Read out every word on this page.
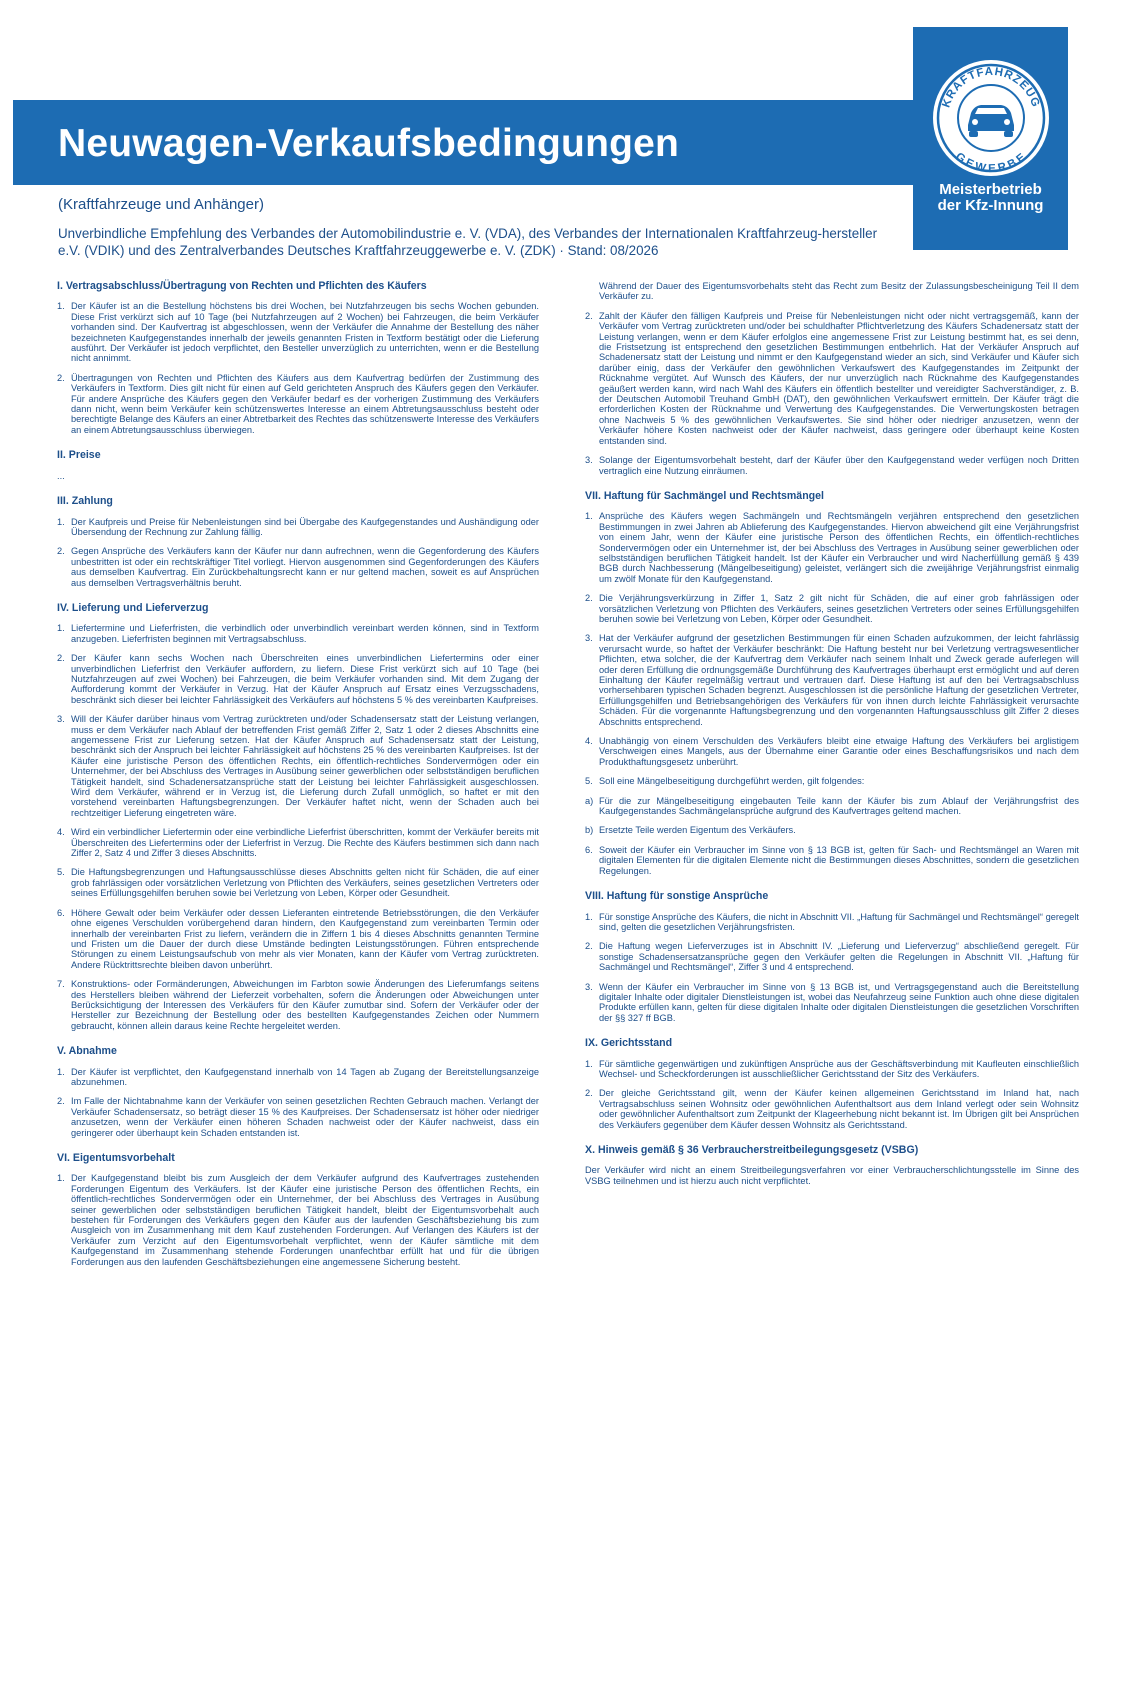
Neuwagen-Verkaufsbedingungen
KRAFTFAHRZEUG
GEWERBE
Meisterbetrieb
der Kfz-Innung
(Kraftfahrzeuge und Anhänger)
Unverbindliche Empfehlung des Verbandes der Automobilindustrie e. V. (VDA), des Verbandes der Internationalen Kraftfahrzeug-hersteller e.V. (VDIK) und des Zentralverbandes Deutsches Kraftfahrzeuggewerbe e. V. (ZDK) · Stand: 08/2026
I. Vertragsabschluss/Übertragung von Rechten und Pflichten des Käufers
1. Der Käufer ist an die Bestellung höchstens bis drei Wochen, bei Nutzfahrzeugen bis sechs Wochen gebunden. Diese Frist verkürzt sich auf 10 Tage (bei Nutzfahrzeugen auf 2 Wochen) bei Fahrzeugen, die beim Verkäufer vorhanden sind. Der Kaufvertrag ist abgeschlossen, wenn der Verkäufer die Annahme der Bestellung des näher bezeichneten Kaufgegenstandes innerhalb der jeweils genannten Fristen in Textform bestätigt oder die Lieferung ausführt. Der Verkäufer ist jedoch verpflichtet, den Besteller unverzüglich zu unterrichten, wenn er die Bestellung nicht annimmt.
2. Übertragungen von Rechten und Pflichten des Käufers aus dem Kaufvertrag bedürfen der Zustimmung des Verkäufers in Textform. Dies gilt nicht für einen auf Geld gerichteten Anspruch des Käufers gegen den Verkäufer. Für andere Ansprüche des Käufers gegen den Verkäufer bedarf es der vorherigen Zustimmung des Verkäufers dann nicht, wenn beim Verkäufer kein schützenswertes Interesse an einem Abtretungsausschluss besteht oder berechtigte Belange des Käufers an einer Abtretbarkeit des Rechtes das schützenswerte Interesse des Verkäufers an einem Abtretungsausschluss überwiegen.
II. Preise

...

III. Zahlung
1. Der Kaufpreis und Preise für Nebenleistungen sind bei Übergabe des Kaufgegenstandes und Aushändigung oder Übersendung der Rechnung zur Zahlung fällig.
2. Gegen Ansprüche des Verkäufers kann der Käufer nur dann aufrechnen, wenn die Gegenforderung des Käufers unbestritten ist oder ein rechtskräftiger Titel vorliegt. Hiervon ausgenommen sind Gegenforderungen des Käufers aus demselben Kaufvertrag. Ein Zurückbehaltungsrecht kann er nur geltend machen, soweit es auf Ansprüchen aus demselben Vertragsverhältnis beruht.
IV. Lieferung und Lieferverzug
1. Liefertermine und Lieferfristen, die verbindlich oder unverbindlich vereinbart werden können, sind in Textform anzugeben. Lieferfristen beginnen mit Vertragsabschluss.
2. Der Käufer kann sechs Wochen nach Überschreiten eines unverbindlichen Liefertermins oder einer unverbindlichen Lieferfrist den Verkäufer auffordern, zu liefern. Diese Frist verkürzt sich auf 10 Tage (bei Nutzfahrzeugen auf zwei Wochen) bei Fahrzeugen, die beim Verkäufer vorhanden sind. Mit dem Zugang der Aufforderung kommt der Verkäufer in Verzug. Hat der Käufer Anspruch auf Ersatz eines Verzugsschadens, beschränkt sich dieser bei leichter Fahrlässigkeit des Verkäufers auf höchstens 5 % des vereinbarten Kaufpreises.
3. Will der Käufer darüber hinaus vom Vertrag zurücktreten und/oder Schadensersatz statt der Leistung verlangen, muss er dem Verkäufer nach Ablauf der betreffenden Frist gemäß Ziffer 2, Satz 1 oder 2 dieses Abschnitts eine angemessene Frist zur Lieferung setzen. Hat der Käufer Anspruch auf Schadensersatz statt der Leistung, beschränkt sich der Anspruch bei leichter Fahrlässigkeit auf höchstens 25 % des vereinbarten Kaufpreises. Ist der Käufer eine juristische Person des öffentlichen Rechts, ein öffentlich-rechtliches Sondervermögen oder ein Unternehmer, der bei Abschluss des Vertrages in Ausübung seiner gewerblichen oder selbstständigen beruflichen Tätigkeit handelt, sind Schadenersatzansprüche statt der Leistung bei leichter Fahrlässigkeit ausgeschlossen. Wird dem Verkäufer, während er in Verzug ist, die Lieferung durch Zufall unmöglich, so haftet er mit den vorstehend vereinbarten Haftungsbegrenzungen. Der Verkäufer haftet nicht, wenn der Schaden auch bei rechtzeitiger Lieferung eingetreten wäre.
4. Wird ein verbindlicher Liefertermin oder eine verbindliche Lieferfrist überschritten, kommt der Verkäufer bereits mit Überschreiten des Liefertermins oder der Lieferfrist in Verzug. Die Rechte des Käufers bestimmen sich dann nach Ziffer 2, Satz 4 und Ziffer 3 dieses Abschnitts.
5. Die Haftungsbegrenzungen und Haftungsausschlüsse dieses Abschnitts gelten nicht für Schäden, die auf einer grob fahrlässigen oder vorsätzlichen Verletzung von Pflichten des Verkäufers, seines gesetzlichen Vertreters oder seines Erfüllungsgehilfen beruhen sowie bei Verletzung von Leben, Körper oder Gesundheit.
6. Höhere Gewalt oder beim Verkäufer oder dessen Lieferanten eintretende Betriebsstörungen, die den Verkäufer ohne eigenes Verschulden vorübergehend daran hindern, den Kaufgegenstand zum vereinbarten Termin oder innerhalb der vereinbarten Frist zu liefern, verändern die in Ziffern 1 bis 4 dieses Abschnitts genannten Termine und Fristen um die Dauer der durch diese Umstände bedingten Leistungsstörungen. Führen entsprechende Störungen zu einem Leistungsaufschub von mehr als vier Monaten, kann der Käufer vom Vertrag zurücktreten. Andere Rücktrittsrechte bleiben davon unberührt.
7. Konstruktions- oder Formänderungen, Abweichungen im Farbton sowie Änderungen des Lieferumfangs seitens des Herstellers bleiben während der Lieferzeit vorbehalten, sofern die Änderungen oder Abweichungen unter Berücksichtigung der Interessen des Verkäufers für den Käufer zumutbar sind. Sofern der Verkäufer oder der Hersteller zur Bezeichnung der Bestellung oder des bestellten Kaufgegenstandes Zeichen oder Nummern gebraucht, können allein daraus keine Rechte hergeleitet werden.
V. Abnahme
1. Der Käufer ist verpflichtet, den Kaufgegenstand innerhalb von 14 Tagen ab Zugang der Bereitstellungsanzeige abzunehmen.
2. Im Falle der Nichtabnahme kann der Verkäufer von seinen gesetzlichen Rechten Gebrauch machen. Verlangt der Verkäufer Schadensersatz, so beträgt dieser 15 % des Kaufpreises. Der Schadensersatz ist höher oder niedriger anzusetzen, wenn der Verkäufer einen höheren Schaden nachweist oder der Käufer nachweist, dass ein geringerer oder überhaupt kein Schaden entstanden ist.
VI. Eigentumsvorbehalt
1. Der Kaufgegenstand bleibt bis zum Ausgleich der dem Verkäufer aufgrund des Kaufvertrages zustehenden Forderungen Eigentum des Verkäufers. Ist der Käufer eine juristische Person des öffentlichen Rechts, ein öffentlich-rechtliches Sondervermögen oder ein Unternehmer, der bei Abschluss des Vertrages in Ausübung seiner gewerblichen oder selbstständigen beruflichen Tätigkeit handelt, bleibt der Eigentumsvorbehalt auch bestehen für Forderungen des Verkäufers gegen den Käufer aus der laufenden Geschäftsbeziehung bis zum Ausgleich von im Zusammenhang mit dem Kauf zustehenden Forderungen. Auf Verlangen des Käufers ist der Verkäufer zum Verzicht auf den Eigentumsvorbehalt verpflichtet, wenn der Käufer sämtliche mit dem Kaufgegenstand im Zusammenhang stehende Forderungen unanfechtbar erfüllt hat und für die übrigen Forderungen aus den laufenden Geschäftsbeziehungen eine angemessene Sicherung besteht.
Während der Dauer des Eigentumsvorbehalts steht das Recht zum Besitz der Zulassungsbescheinigung Teil II dem Verkäufer zu.
2. Zahlt der Käufer den fälligen Kaufpreis und Preise für Nebenleistungen nicht oder nicht vertragsgemäß, kann der Verkäufer vom Vertrag zurücktreten und/oder bei schuldhafter Pflichtverletzung des Käufers Schadenersatz statt der Leistung verlangen, wenn er dem Käufer erfolglos eine angemessene Frist zur Leistung bestimmt hat, es sei denn, die Fristsetzung ist entsprechend den gesetzlichen Bestimmungen entbehrlich. Hat der Verkäufer Anspruch auf Schadenersatz statt der Leistung und nimmt er den Kaufgegenstand wieder an sich, sind Verkäufer und Käufer sich darüber einig, dass der Verkäufer den gewöhnlichen Verkaufswert des Kaufgegenstandes im Zeitpunkt der Rücknahme vergütet. Auf Wunsch des Käufers, der nur unverzüglich nach Rücknahme des Kaufgegenstandes geäußert werden kann, wird nach Wahl des Käufers ein öffentlich bestellter und vereidigter Sachverständiger, z. B. der Deutschen Automobil Treuhand GmbH (DAT), den gewöhnlichen Verkaufswert ermitteln. Der Käufer trägt die erforderlichen Kosten der Rücknahme und Verwertung des Kaufgegenstandes. Die Verwertungskosten betragen ohne Nachweis 5 % des gewöhnlichen Verkaufswertes. Sie sind höher oder niedriger anzusetzen, wenn der Verkäufer höhere Kosten nachweist oder der Käufer nachweist, dass geringere oder überhaupt keine Kosten entstanden sind.
3. Solange der Eigentumsvorbehalt besteht, darf der Käufer über den Kaufgegenstand weder verfügen noch Dritten vertraglich eine Nutzung einräumen.
VII. Haftung für Sachmängel und Rechtsmängel
1. Ansprüche des Käufers wegen Sachmängeln und Rechtsmängeln verjähren entsprechend den gesetzlichen Bestimmungen in zwei Jahren ab Ablieferung des Kaufgegenstandes. Hiervon abweichend gilt eine Verjährungsfrist von einem Jahr, wenn der Käufer eine juristische Person des öffentlichen Rechts, ein öffentlich-rechtliches Sondervermögen oder ein Unternehmer ist, der bei Abschluss des Vertrages in Ausübung seiner gewerblichen oder selbstständigen beruflichen Tätigkeit handelt. Ist der Käufer ein Verbraucher und wird Nacherfüllung gemäß § 439 BGB durch Nachbesserung (Mängelbeseitigung) geleistet, verlängert sich die zweijährige Verjährungsfrist einmalig um zwölf Monate für den Kaufgegenstand.
2. Die Verjährungsverkürzung in Ziffer 1, Satz 2 gilt nicht für Schäden, die auf einer grob fahrlässigen oder vorsätzlichen Verletzung von Pflichten des Verkäufers, seines gesetzlichen Vertreters oder seines Erfüllungsgehilfen beruhen sowie bei Verletzung von Leben, Körper oder Gesundheit.
3. Hat der Verkäufer aufgrund der gesetzlichen Bestimmungen für einen Schaden aufzukommen, der leicht fahrlässig verursacht wurde, so haftet der Verkäufer beschränkt: Die Haftung besteht nur bei Verletzung vertragswesentlicher Pflichten, etwa solcher, die der Kaufvertrag dem Verkäufer nach seinem Inhalt und Zweck gerade auferlegen will oder deren Erfüllung die ordnungsgemäße Durchführung des Kaufvertrages überhaupt erst ermöglicht und auf deren Einhaltung der Käufer regelmäßig vertraut und vertrauen darf. Diese Haftung ist auf den bei Vertragsabschluss vorhersehbaren typischen Schaden begrenzt. Ausgeschlossen ist die persönliche Haftung der gesetzlichen Vertreter, Erfüllungsgehilfen und Betriebsangehörigen des Verkäufers für von ihnen durch leichte Fahrlässigkeit verursachte Schäden. Für die vorgenannte Haftungsbegrenzung und den vorgenannten Haftungsausschluss gilt Ziffer 2 dieses Abschnitts entsprechend.
4. Unabhängig von einem Verschulden des Verkäufers bleibt eine etwaige Haftung des Verkäufers bei arglistigem Verschweigen eines Mangels, aus der Übernahme einer Garantie oder eines Beschaffungsrisikos und nach dem Produkthaftungsgesetz unberührt.
5. Soll eine Mängelbeseitigung durchgeführt werden, gilt folgendes:
a) Für die zur Mängelbeseitigung eingebauten Teile kann der Käufer bis zum Ablauf der Verjährungsfrist des Kaufgegenstandes Sachmängelansprüche aufgrund des Kaufvertrages geltend machen.
b) Ersetzte Teile werden Eigentum des Verkäufers.
6. Soweit der Käufer ein Verbraucher im Sinne von § 13 BGB ist, gelten für Sach- und Rechtsmängel an Waren mit digitalen Elementen für die digitalen Elemente nicht die Bestimmungen dieses Abschnittes, sondern die gesetzlichen Regelungen.
VIII. Haftung für sonstige Ansprüche
1. Für sonstige Ansprüche des Käufers, die nicht in Abschnitt VII. „Haftung für Sachmängel und Rechtsmängel“ geregelt sind, gelten die gesetzlichen Verjährungsfristen.
2. Die Haftung wegen Lieferverzuges ist in Abschnitt IV. „Lieferung und Lieferverzug“ abschließend geregelt. Für sonstige Schadensersatzansprüche gegen den Verkäufer gelten die Regelungen in Abschnitt VII. „Haftung für Sachmängel und Rechtsmängel“, Ziffer 3 und 4 entsprechend.
3. Wenn der Käufer ein Verbraucher im Sinne von § 13 BGB ist, und Vertragsgegenstand auch die Bereitstellung digitaler Inhalte oder digitaler Dienstleistungen ist, wobei das Neufahrzeug seine Funktion auch ohne diese digitalen Produkte erfüllen kann, gelten für diese digitalen Inhalte oder digitalen Dienstleistungen die gesetzlichen Vorschriften der §§ 327 ff BGB.
IX. Gerichtsstand
1. Für sämtliche gegenwärtigen und zukünftigen Ansprüche aus der Geschäftsverbindung mit Kaufleuten einschließlich Wechsel- und Scheckforderungen ist ausschließlicher Gerichtsstand der Sitz des Verkäufers.
2. Der gleiche Gerichtsstand gilt, wenn der Käufer keinen allgemeinen Gerichtsstand im Inland hat, nach Vertragsabschluss seinen Wohnsitz oder gewöhnlichen Aufenthaltsort aus dem Inland verlegt oder sein Wohnsitz oder gewöhnlicher Aufenthaltsort zum Zeitpunkt der Klageerhebung nicht bekannt ist. Im Übrigen gilt bei Ansprüchen des Verkäufers gegenüber dem Käufer dessen Wohnsitz als Gerichtsstand.
X. Hinweis gemäß § 36 Verbraucherstreitbeilegungsgesetz (VSBG)

Der Verkäufer wird nicht an einem Streitbeilegungsverfahren vor einer Verbraucherschlichtungsstelle im Sinne des VSBG teilnehmen und ist hierzu auch nicht verpflichtet.
